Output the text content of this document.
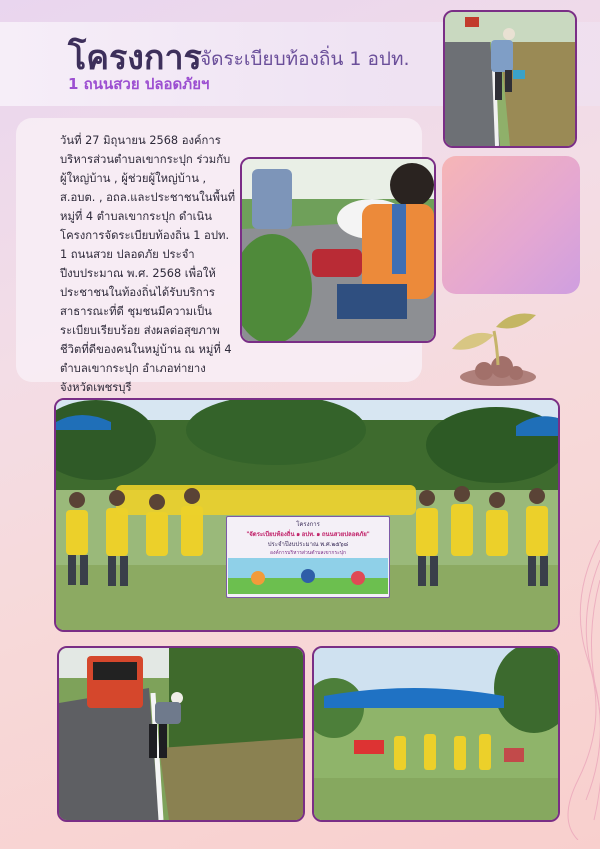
โครงการ
จัดระเบียบท้องถิ่น 1 อปท.
1 ถนนสวย ปลอดภัยฯ
วันที่ 27 มิถุนายน 2568 องค์การบริหารส่วนตำบลเขากระปุก ร่วมกับผู้ใหญ่บ้าน , ผู้ช่วยผู้ใหญ่บ้าน , ส.อบต. , อถล.และประชาชนในพื้นที่ หมู่ที่ 4 ตำบลเขากระปุก ดำเนินโครงการจัดระเบียบท้องถิ่น 1 อปท. 1 ถนนสวย ปลอดภัย ประจำปีงบประมาณ พ.ศ. 2568 เพื่อให้ประชาชนในท้องถิ่นได้รับบริการสาธารณะที่ดี ชุมชนมีความเป็นระเบียบเรียบร้อย ส่งผลต่อสุขภาพชีวิตที่ดีของคนในหมู่บ้าน ณ หมู่ที่ 4 ตำบลเขากระปุก อำเภอท่ายาง จังหวัดเพชรบุรี
โครงการ
"จัดระเบียบท้องถิ่น ๑ อปท. ๑ ถนนสวยปลอดภัย"
ประจำปีงบประมาณ พ.ศ.๒๕๖๘
องค์การบริหารส่วนตำบลเขากระปุก
